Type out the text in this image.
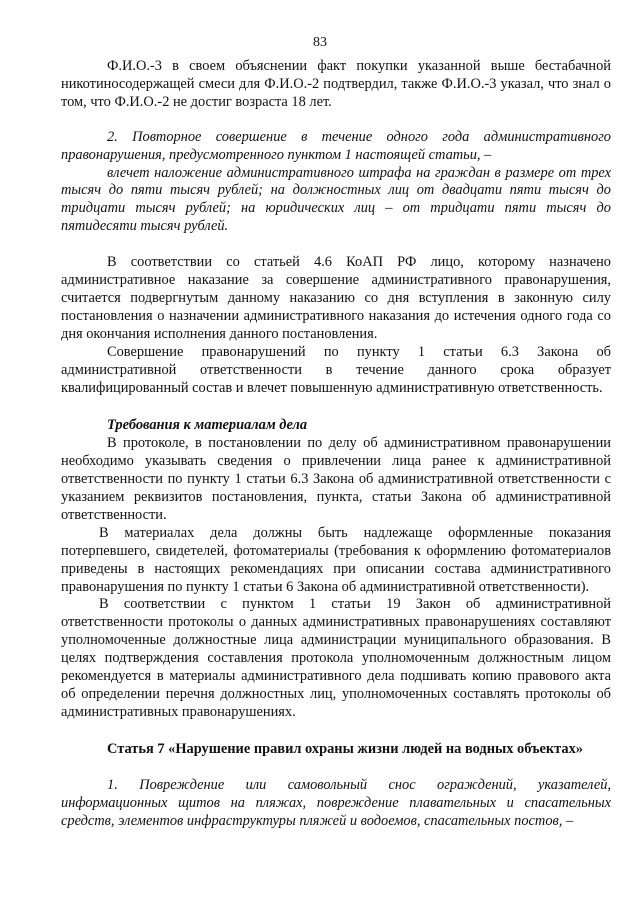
83

Ф.И.О.-3 в своем объяснении факт покупки указанной выше бестабачной никотиносодержащей смеси для Ф.И.О.-2 подтвердил, также Ф.И.О.-3 указал, что знал о том, что Ф.И.О.-2 не достиг возраста 18 лет.

2. Повторное совершение в течение одного года административного правонарушения, предусмотренного пунктом 1 настоящей статьи, –

влечет наложение административного штрафа на граждан в размере от трех тысяч до пяти тысяч рублей; на должностных лиц от двадцати пяти тысяч до тридцати тысяч рублей; на юридических лиц – от тридцати пяти тысяч до пятидесяти тысяч рублей.

В соответствии со статьей 4.6 КоАП РФ лицо, которому назначено административное наказание за совершение административного правонарушения, считается подвергнутым данному наказанию со дня вступления в законную силу постановления о назначении административного наказания до истечения одного года со дня окончания исполнения данного постановления.

Совершение правонарушений по пункту 1 статьи 6.3 Закона об административной ответственности в течение данного срока образует квалифицированный состав и влечет повышенную административную ответственность.

Требования к материалам дела

В протоколе, в постановлении по делу об административном правонарушении необходимо указывать сведения о привлечении лица ранее к административной ответственности по пункту 1 статьи 6.3 Закона об административной ответственности с указанием реквизитов постановления, пункта, статьи Закона об административной ответственности.

В материалах дела должны быть надлежаще оформленные показания потерпевшего, свидетелей, фотоматериалы (требования к оформлению фотоматериалов приведены в настоящих рекомендациях при описании состава административного правонарушения по пункту 1 статьи 6 Закона об административной ответственности).

В соответствии с пунктом 1 статьи 19 Закон об административной ответственности протоколы о данных административных правонарушениях составляют уполномоченные должностные лица администрации муниципального образования. В целях подтверждения составления протокола уполномоченным должностным лицом рекомендуется в материалы административного дела подшивать копию правового акта об определении перечня должностных лиц, уполномоченных составлять протоколы об административных правонарушениях.

Статья 7 «Нарушение правил охраны жизни людей на водных объектах»

1. Повреждение или самовольный снос ограждений, указателей, информационных щитов на пляжах, повреждение плавательных и спасательных средств, элементов инфраструктуры пляжей и водоемов, спасательных постов, –
